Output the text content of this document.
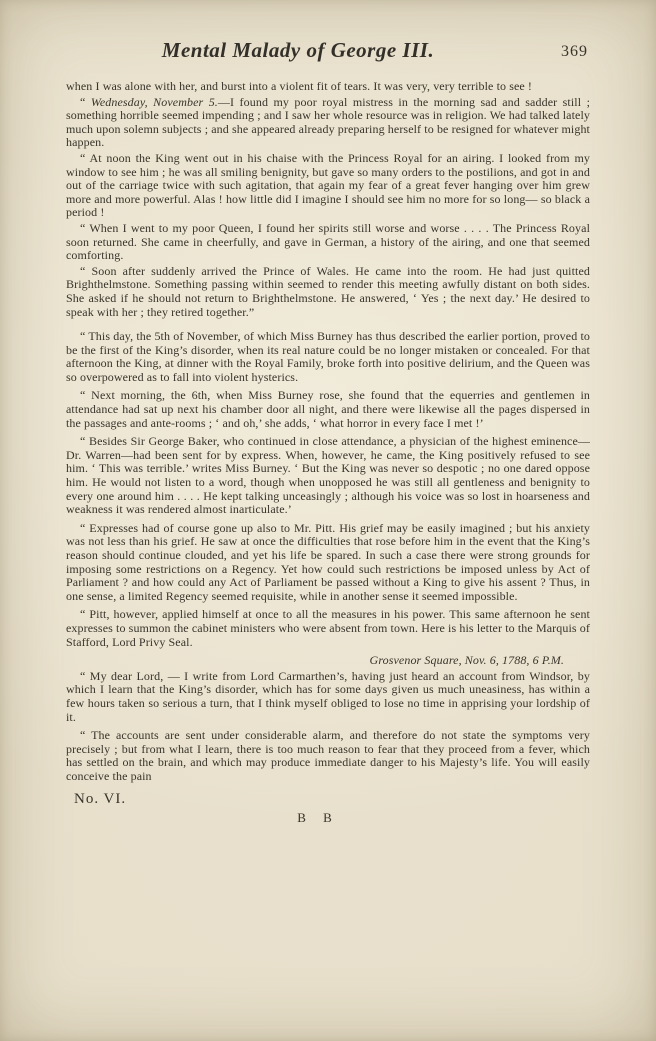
Mental Malady of George III.	369

when I was alone with her, and burst into a violent fit of tears. It was very, very terrible to see !

“ Wednesday, November 5.—I found my poor royal mistress in the morning sad and sadder still ; something horrible seemed impending ; and I saw her whole resource was in religion. We had talked lately much upon solemn subjects ; and she appeared already preparing herself to be resigned for whatever might happen.

“ At noon the King went out in his chaise with the Princess Royal for an airing. I looked from my window to see him ; he was all smiling benignity, but gave so many orders to the postilions, and got in and out of the carriage twice with such agitation, that again my fear of a great fever hanging over him grew more and more powerful. Alas ! how little did I imagine I should see him no more for so long— so black a period !

“ When I went to my poor Queen, I found her spirits still worse and worse . . . . The Princess Royal soon returned. She came in cheerfully, and gave in German, a history of the airing, and one that seemed comforting.

“ Soon after suddenly arrived the Prince of Wales. He came into the room. He had just quitted Brighthelmstone. Something passing within seemed to render this meeting awfully distant on both sides. She asked if he should not return to Brighthelmstone. He answered, ‘ Yes ; the next day.’ He desired to speak with her ; they retired together.”

“ This day, the 5th of November, of which Miss Burney has thus described the earlier portion, proved to be the first of the King’s disorder, when its real nature could be no longer mistaken or concealed. For that afternoon the King, at dinner with the Royal Family, broke forth into positive delirium, and the Queen was so overpowered as to fall into violent hysterics.

“ Next morning, the 6th, when Miss Burney rose, she found that the equerries and gentlemen in attendance had sat up next his chamber door all night, and there were likewise all the pages dispersed in the passages and ante-rooms ; ‘ and oh,’ she adds, ‘ what horror in every face I met !’

“ Besides Sir George Baker, who continued in close attendance, a physician of the highest eminence—Dr. Warren—had been sent for by express. When, however, he came, the King positively refused to see him. ‘ This was terrible.’ writes Miss Burney. ‘ But the King was never so despotic ; no one dared oppose him. He would not listen to a word, though when unopposed he was still all gentleness and benignity to every one around him . . . . He kept talking unceasingly ; although his voice was so lost in hoarseness and weakness it was rendered almost inarticulate.’

“ Expresses had of course gone up also to Mr. Pitt. His grief may be easily imagined ; but his anxiety was not less than his grief. He saw at once the difficulties that rose before him in the event that the King’s reason should continue clouded, and yet his life be spared. In such a case there were strong grounds for imposing some restrictions on a Regency. Yet how could such restrictions be imposed unless by Act of Parliament ? and how could any Act of Parliament be passed without a King to give his assent ? Thus, in one sense, a limited Regency seemed requisite, while in another sense it seemed impossible.

“ Pitt, however, applied himself at once to all the measures in his power. This same afternoon he sent expresses to summon the cabinet ministers who were absent from town. Here is his letter to the Marquis of Stafford, Lord Privy Seal.

Grosvenor Square, Nov. 6, 1788, 6 P.M.

“ My dear Lord, — I write from Lord Carmarthen’s, having just heard an account from Windsor, by which I learn that the King’s disorder, which has for some days given us much uneasiness, has within a few hours taken so serious a turn, that I think myself obliged to lose no time in apprising your lordship of it.

“ The accounts are sent under considerable alarm, and therefore do not state the symptoms very precisely ; but from what I learn, there is too much reason to fear that they proceed from a fever, which has settled on the brain, and which may produce immediate danger to his Majesty’s life. You will easily conceive the pain

No. VI.
B B
